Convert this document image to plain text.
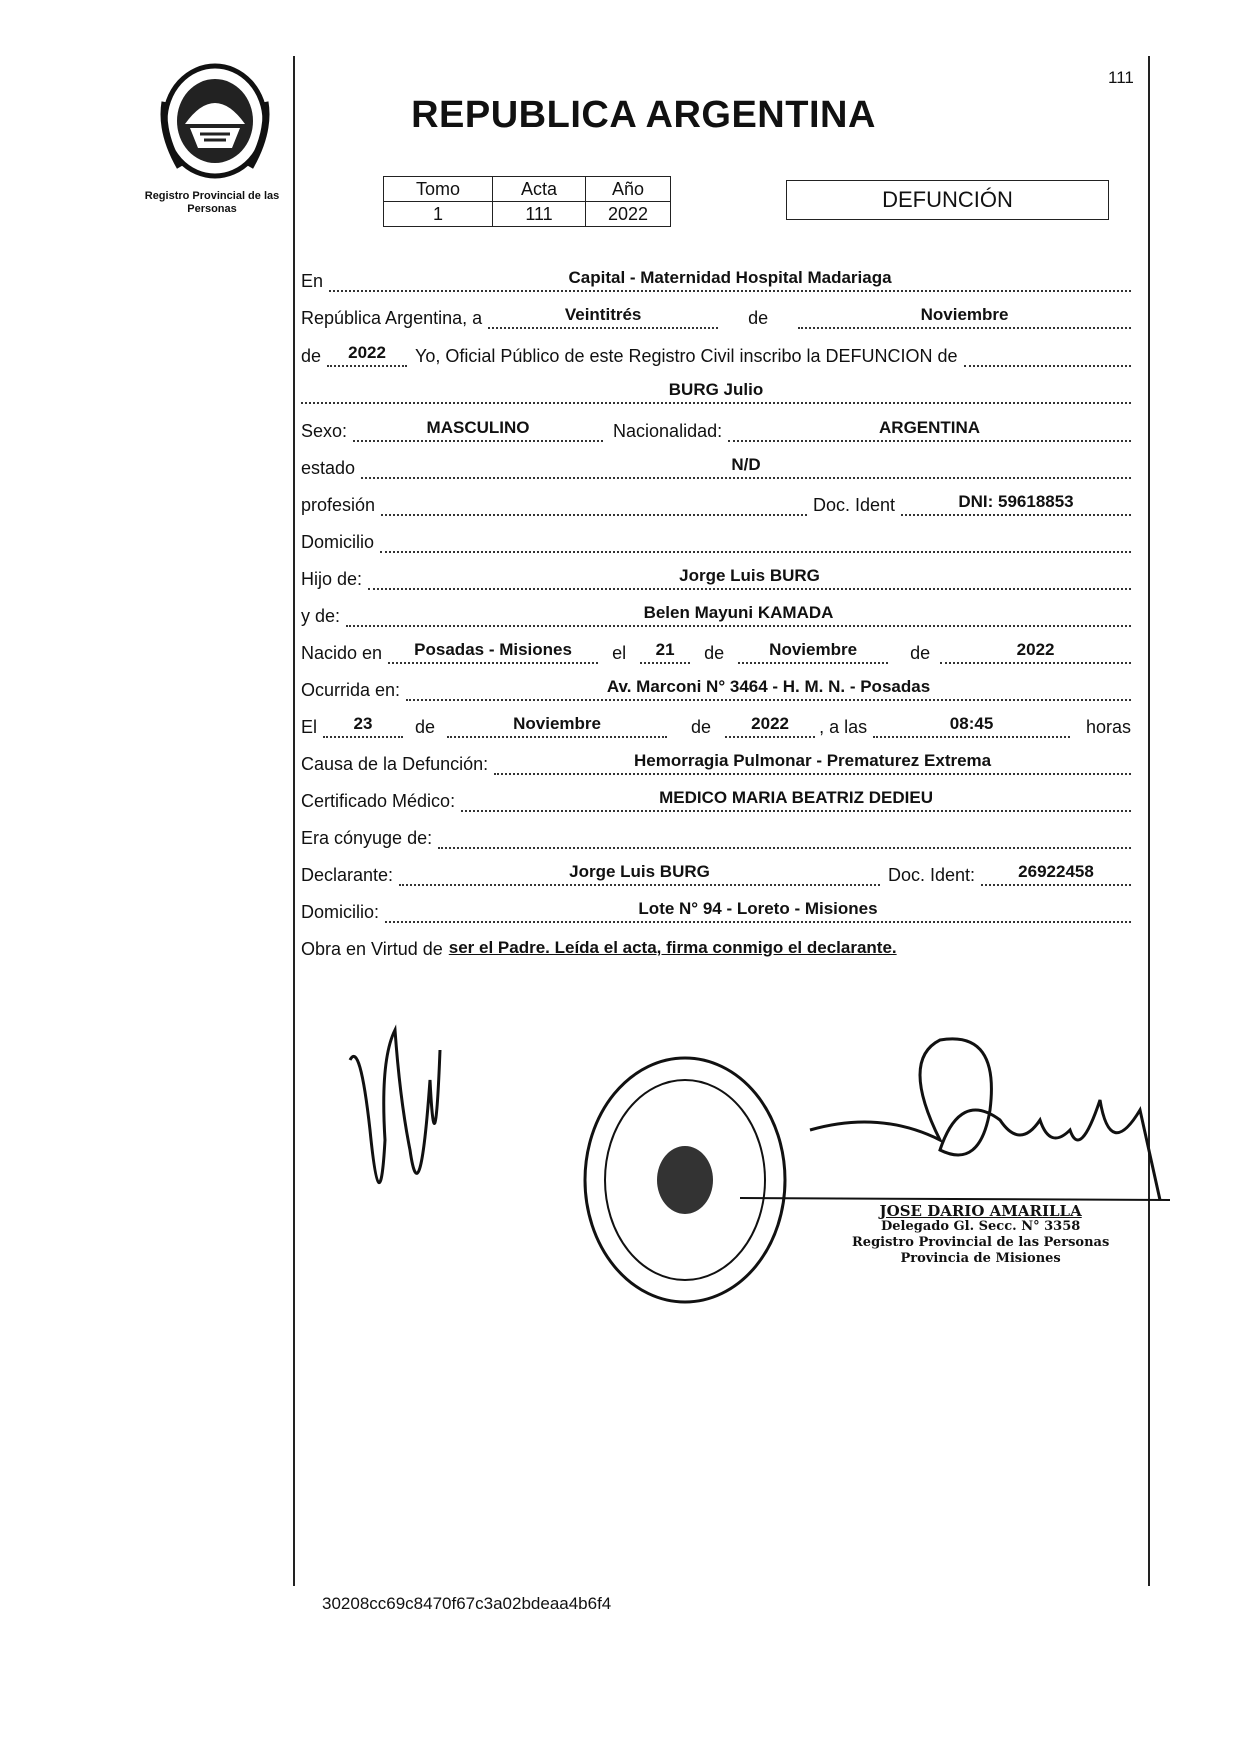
Registro Provincial de las Personas
111
REPUBLICA ARGENTINA
Tomo	Acta	Año
1	111	2022
DEFUNCIÓN
En	Capital - Maternidad Hospital Madariaga
República Argentina, a	Veintitrés	de	Noviembre
de	2022	Yo, Oficial Público de este Registro Civil inscribo la DEFUNCION de
BURG Julio
Sexo:	MASCULINO	Nacionalidad:	ARGENTINA
estado	N/D
profesión	Doc. Ident	DNI: 59618853
Domicilio
Hijo de:	Jorge Luis BURG
y de:	Belen Mayuni KAMADA
Nacido en	Posadas - Misiones	el	21	de	Noviembre	de	2022
Ocurrida en:	Av. Marconi N° 3464 - H. M. N. - Posadas
El	23	de	Noviembre	de	2022	, a las	08:45	horas
Causa de la Defunción:	Hemorragia Pulmonar - Prematurez Extrema
Certificado Médico:	MEDICO MARIA BEATRIZ DEDIEU
Era cónyuge de:
Declarante:	Jorge Luis BURG	Doc. Ident:	26922458
Domicilio:	Lote N° 94 - Loreto - Misiones
Obra en Virtud de ser el Padre. Leída el acta, firma conmigo el declarante.
JOSE DARIO AMARILLA
Delegado Gl. Secc. N° 3358
Registro Provincial de las Personas
Provincia de Misiones
30208cc69c8470f67c3a02bdeaa4b6f4
